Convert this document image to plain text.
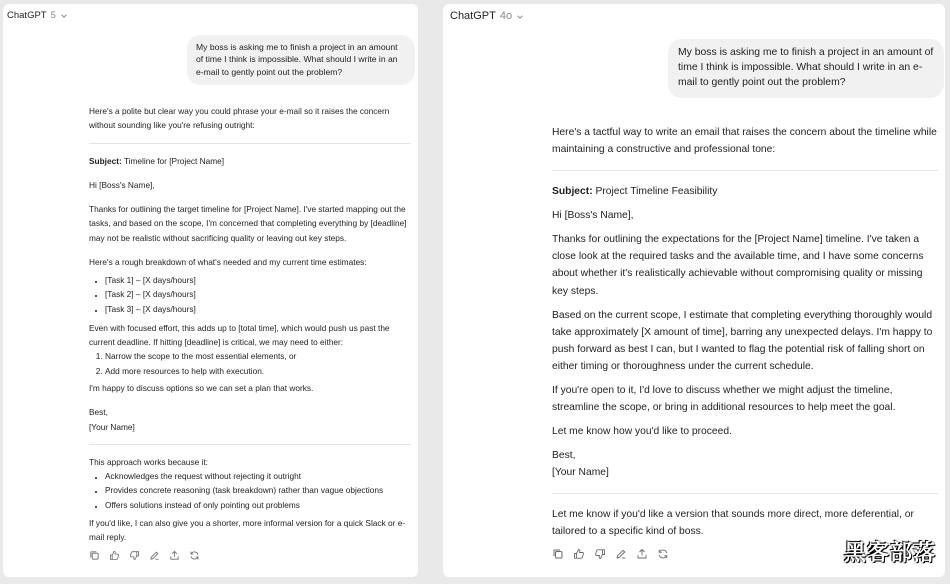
ChatGPT 5
My boss is asking me to finish a project in an amount of time I think is impossible. What should I write in an e-mail to gently point out the problem?

Here's a polite but clear way you could phrase your e-mail so it raises the concern without sounding like you're refusing outright:

Subject: Timeline for [Project Name]

Hi [Boss's Name],

Thanks for outlining the target timeline for [Project Name]. I've started mapping out the tasks, and based on the scope, I'm concerned that completing everything by [deadline] may not be realistic without sacrificing quality or leaving out key steps.

Here's a rough breakdown of what's needed and my current time estimates:

• [Task 1] – [X days/hours]
• [Task 2] – [X days/hours]
• [Task 3] – [X days/hours]

Even with focused effort, this adds up to [total time], which would push us past the current deadline. If hitting [deadline] is critical, we may need to either:

1. Narrow the scope to the most essential elements, or
2. Add more resources to help with execution.

I'm happy to discuss options so we can set a plan that works.

Best,

[Your Name]

This approach works because it:

• Acknowledges the request without rejecting it outright
• Provides concrete reasoning (task breakdown) rather than vague objections
• Offers solutions instead of only pointing out problems

If you'd like, I can also give you a shorter, more informal version for a quick Slack or e-mail reply.

ChatGPT 4o
My boss is asking me to finish a project in an amount of time I think is impossible. What should I write in an e-mail to gently point out the problem?

Here's a tactful way to write an email that raises the concern about the timeline while maintaining a constructive and professional tone:

Subject: Project Timeline Feasibility

Hi [Boss's Name],

Thanks for outlining the expectations for the [Project Name] timeline. I've taken a close look at the required tasks and the available time, and I have some concerns about whether it's realistically achievable without compromising quality or missing key steps.

Based on the current scope, I estimate that completing everything thoroughly would take approximately [X amount of time], barring any unexpected delays. I'm happy to push forward as best I can, but I wanted to flag the potential risk of falling short on either timing or thoroughness under the current schedule.

If you're open to it, I'd love to discuss whether we might adjust the timeline, streamline the scope, or bring in additional resources to help meet the goal.

Let me know how you'd like to proceed.

Best,

[Your Name]

Let me know if you'd like a version that sounds more direct, more deferential, or tailored to a specific kind of boss.

黑客部落
